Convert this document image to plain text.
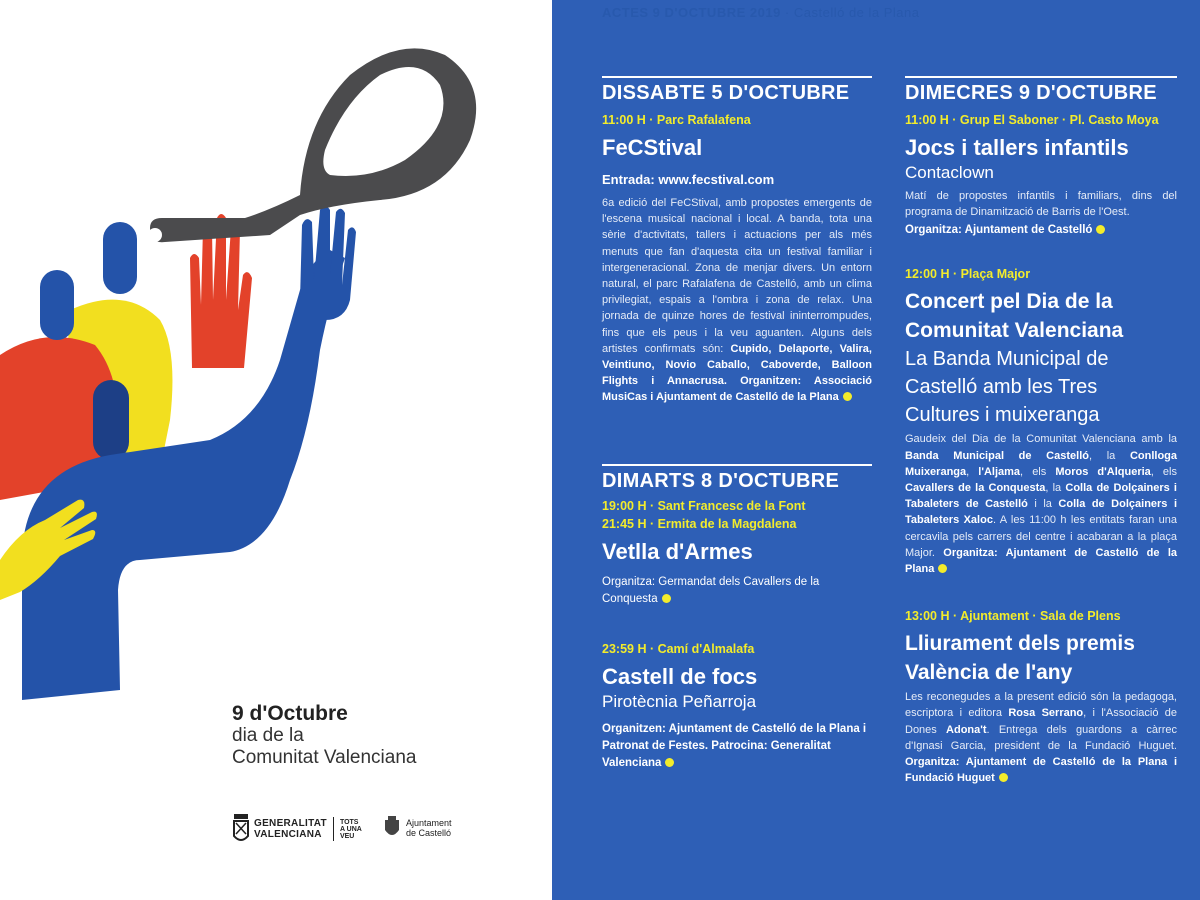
9 d'Octubre
dia de la
Comunitat Valenciana
GENERALITAT
VALENCIANA
TOTS
A UNA
VEU
Ajuntament
de Castelló
ACTES 9 D'OCTUBRE 2019 · Castelló de la Plana
DISSABTE 5 D'OCTUBRE
11:00 H · Parc Rafalafena
FeCStival
Entrada: www.fecstival.com
6a edició del FeCStival, amb propostes emergents de l'escena musical nacional i local. A banda, tota una sèrie d'activitats, tallers i actuacions per als més menuts que fan d'aquesta cita un festival familiar i intergeneracional. Zona de menjar divers. Un entorn natural, el parc Rafalafena de Castelló, amb un clima privilegiat, espais a l'ombra i zona de relax. Una jornada de quinze hores de festival ininterrompudes, fins que els peus i la veu aguanten. Alguns dels artistes confirmats són: Cupido, Delaporte, Valira, Veintiuno, Novio Caballo, Caboverde, Balloon Flights i Annacrusa. Organitzen: Associació MusiCas i Ajuntament de Castelló de la Plana
DIMARTS 8 D'OCTUBRE
19:00 H · Sant Francesc de la Font
21:45 H · Ermita de la Magdalena
Vetlla d'Armes
Organitza: Germandat dels Cavallers de la Conquesta
23:59 H · Camí d'Almalafa
Castell de focs
Pirotècnia Peñarroja
Organitzen: Ajuntament de Castelló de la Plana i Patronat de Festes. Patrocina: Generalitat Valenciana
DIMECRES 9 D'OCTUBRE
11:00 H · Grup El Saboner · Pl. Casto Moya
Jocs i tallers infantils
Contaclown
Matí de propostes infantils i familiars, dins del programa de Dinamització de Barris de l'Oest.
Organitza: Ajuntament de Castelló
12:00 H · Plaça Major
Concert pel Dia de la Comunitat Valenciana
La Banda Municipal de Castelló amb les Tres Cultures i muixeranga
Gaudeix del Dia de la Comunitat Valenciana amb la Banda Municipal de Castelló, la Conlloga Muixeranga, l'Aljama, els Moros d'Alqueria, els Cavallers de la Conquesta, la Colla de Dolçainers i Tabaleters de Castelló i la Colla de Dolçainers i Tabaleters Xaloc. A les 11:00 h les entitats faran una cercavila pels carrers del centre i acabaran a la plaça Major. Organitza: Ajuntament de Castelló de la Plana
13:00 H · Ajuntament · Sala de Plens
Lliurament dels premis València de l'any
Les reconegudes a la present edició són la pedagoga, escriptora i editora Rosa Serrano, i l'Associació de Dones Adona't. Entrega dels guardons a càrrec d'Ignasi Garcia, president de la Fundació Huguet. Organitza: Ajuntament de Castelló de la Plana i Fundació Huguet
